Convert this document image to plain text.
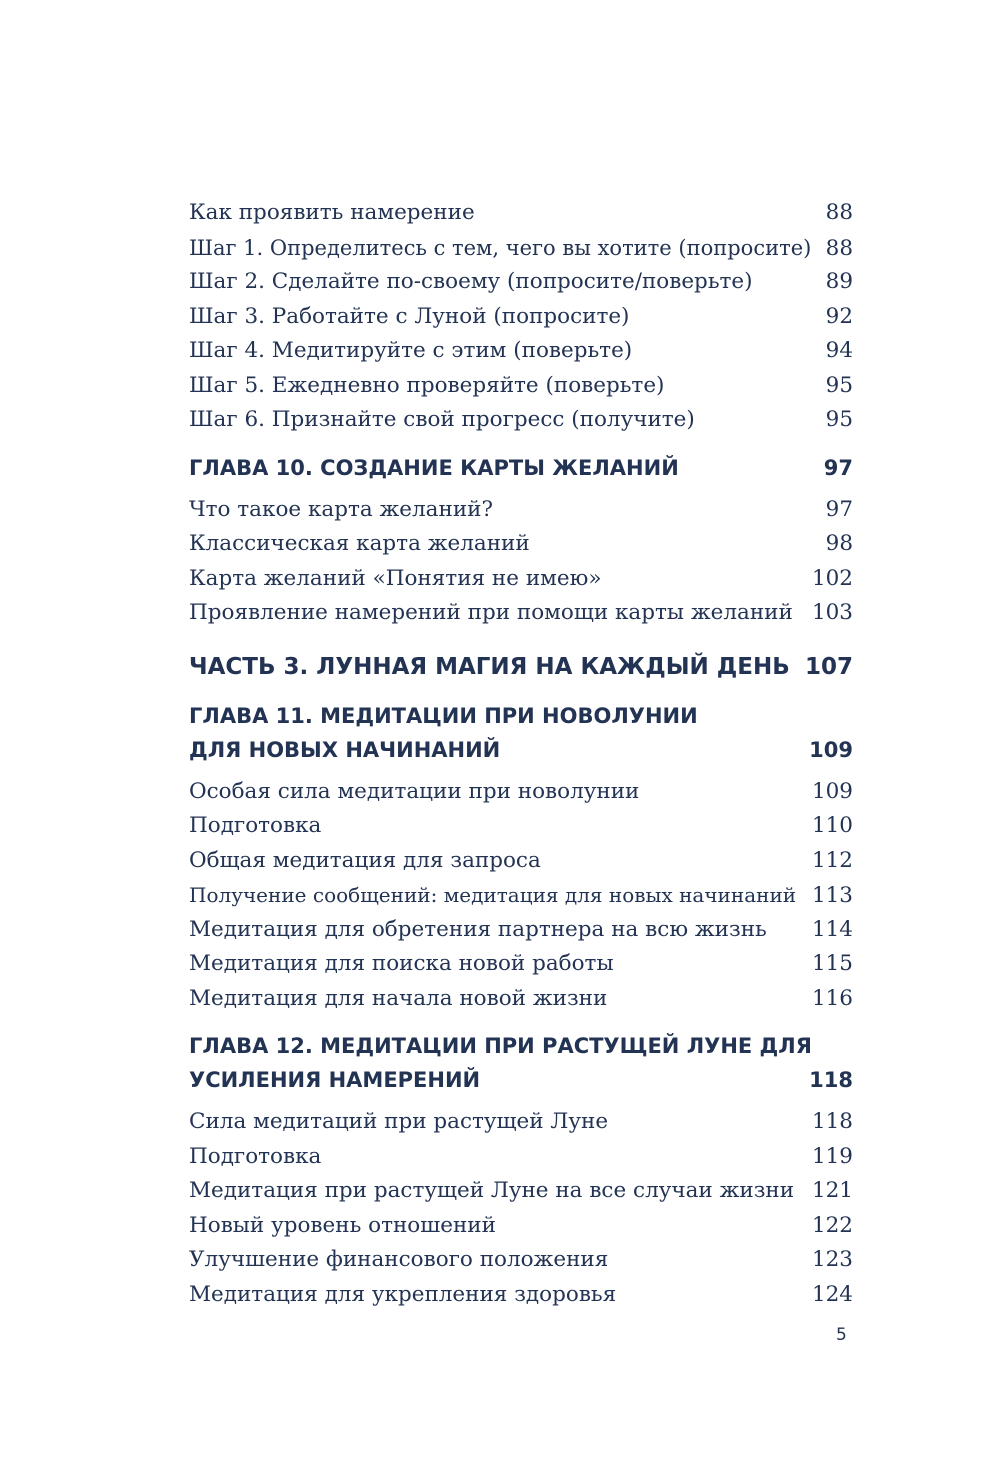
Как проявить намерение	88
Шаг 1. Определитесь с тем, чего вы хотите (попросите) 88
Шаг 2. Сделайте по-своему (попросите/поверьте)	89
Шаг 3. Работайте с Луной (попросите)	92
Шаг 4. Медитируйте с этим (поверьте)	94
Шаг 5. Ежедневно проверяйте (поверьте)	95
Шаг 6. Признайте свой прогресс (получите)	95
ГЛАВА 10. СОЗДАНИЕ КАРТЫ ЖЕЛАНИЙ	97
Что такое карта желаний?	97
Классическая карта желаний	98
Карта желаний «Понятия не имею»	102
Проявление намерений при помощи карты желаний 103
ЧАСТЬ 3. ЛУННАЯ МАГИЯ НА КАЖДЫЙ ДЕНЬ 107
ГЛАВА 11. МЕДИТАЦИИ ПРИ НОВОЛУНИИ
ДЛЯ НОВЫХ НАЧИНАНИЙ	109
Особая сила медитации при новолунии	109
Подготовка	110
Общая медитация для запроса	112
Получение сообщений: медитация для новых начинаний 113
Медитация для обретения партнера на всю жизнь 114
Медитация для поиска новой работы	115
Медитация для начала новой жизни	116
ГЛАВА 12. МЕДИТАЦИИ ПРИ РАСТУЩЕЙ ЛУНЕ ДЛЯ
УСИЛЕНИЯ НАМЕРЕНИЙ	118
Сила медитаций при растущей Луне	118
Подготовка	119
Медитация при растущей Луне на все случаи жизни 121
Новый уровень отношений	122
Улучшение финансового положения	123
Медитация для укрепления здоровья	124
5
